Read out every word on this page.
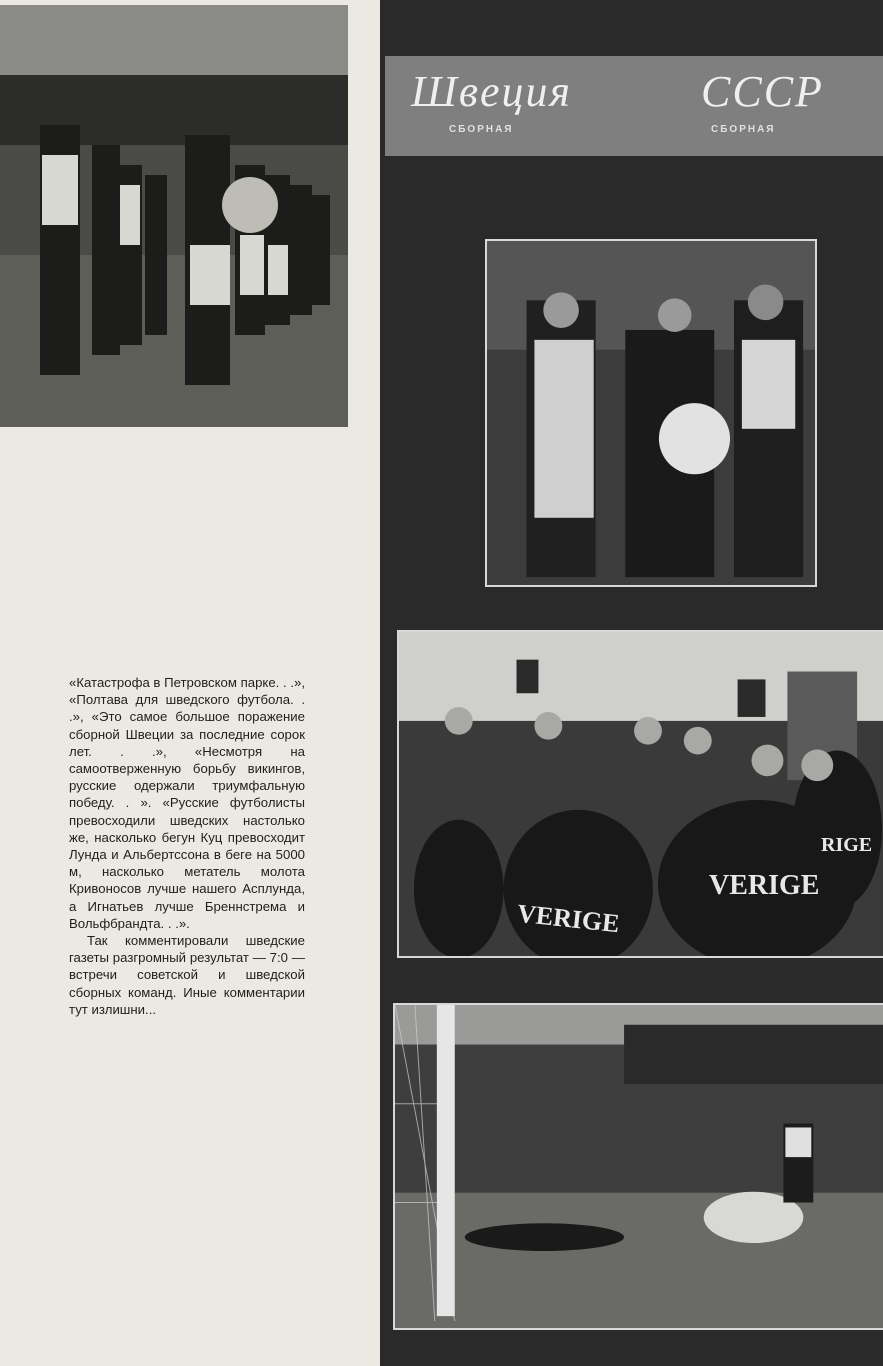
Швеция
СБОРНАЯ
СССР
СБОРНАЯ
VERIGE
RIGE
VERIGE

«Катастрофа в Петровском парке. . .», «Полтава для шведского футбола. . .», «Это самое большое поражение сборной Швеции за последние сорок лет. . .», «Несмотря на самоотверженную борьбу викингов, русские одержали триумфальную победу. . ». «Русские футболисты превосходили шведских настолько же, насколько бегун Куц превосходит Лунда и Альбертссона в беге на 5000 м, насколько метатель молота Кривоносов лучше нашего Асплунда, а Игнатьев лучше Бреннстрема и Вольфбрандта. . .».

Так комментировали шведские газеты разгромный результат — 7:0 — встречи советской и шведской сборных команд. Иные комментарии тут излишни...
